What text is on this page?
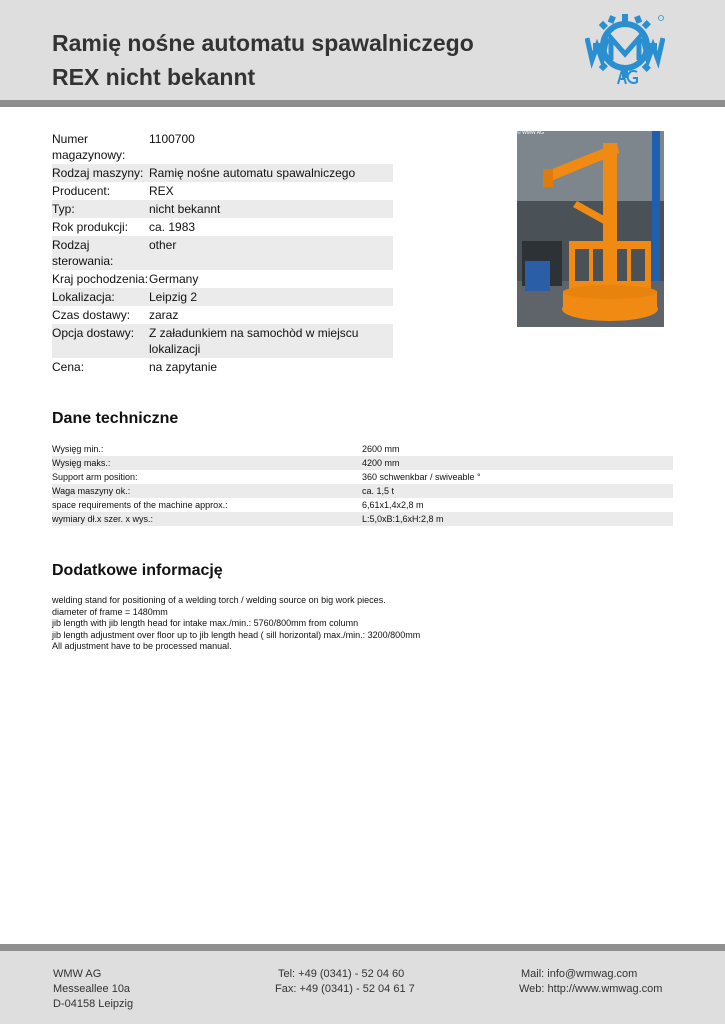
Ramię nośne automatu spawalniczego
REX nicht bekannt
Numer magazynowy:
1100700
Rodzaj maszyny: Ramię nośne automatu spawalniczego
Producent:	REX
Typ:	nicht bekannt
Rok produkcji:	ca. 1983
Rodzaj sterowania:
other
Kraj pochodzenia: Germany
Lokalizacja:	Leipzig 2
Czas dostawy:	zaraz
Opcja dostawy:	Z załadunkiem na samochòd w miejscu lokalizacji
Cena:	na zapytanie
© WMW AG
Dane techniczne
Wysięg min.:	2600 mm
Wysięg maks.:	4200 mm
Support arm position:	360 schwenkbar / swiveable °
Waga maszyny ok.:	ca. 1,5 t
space requirements of the machine approx.:	6,61x1,4x2,8 m
wymiary dł.x szer. x wys.:	L:5,0xB:1,6xH:2,8 m
Dodatkowe informację
welding stand for positioning of a welding torch / welding source on big work pieces.
diameter of frame = 1480mm
jib length with jib length head for intake max./min.: 5760/800mm from column
jib length adjustment over floor up to jib length head ( sill horizontal) max./min.: 3200/800mm
All adjustment have to be processed manual.
WMW AG
Messeallee 10a
D-04158 Leipzig
Tel: +49 (0341) - 52 04 60
Fax: +49 (0341) - 52 04 61 7
Mail: info@wmwag.com
Web: http://www.wmwag.com
